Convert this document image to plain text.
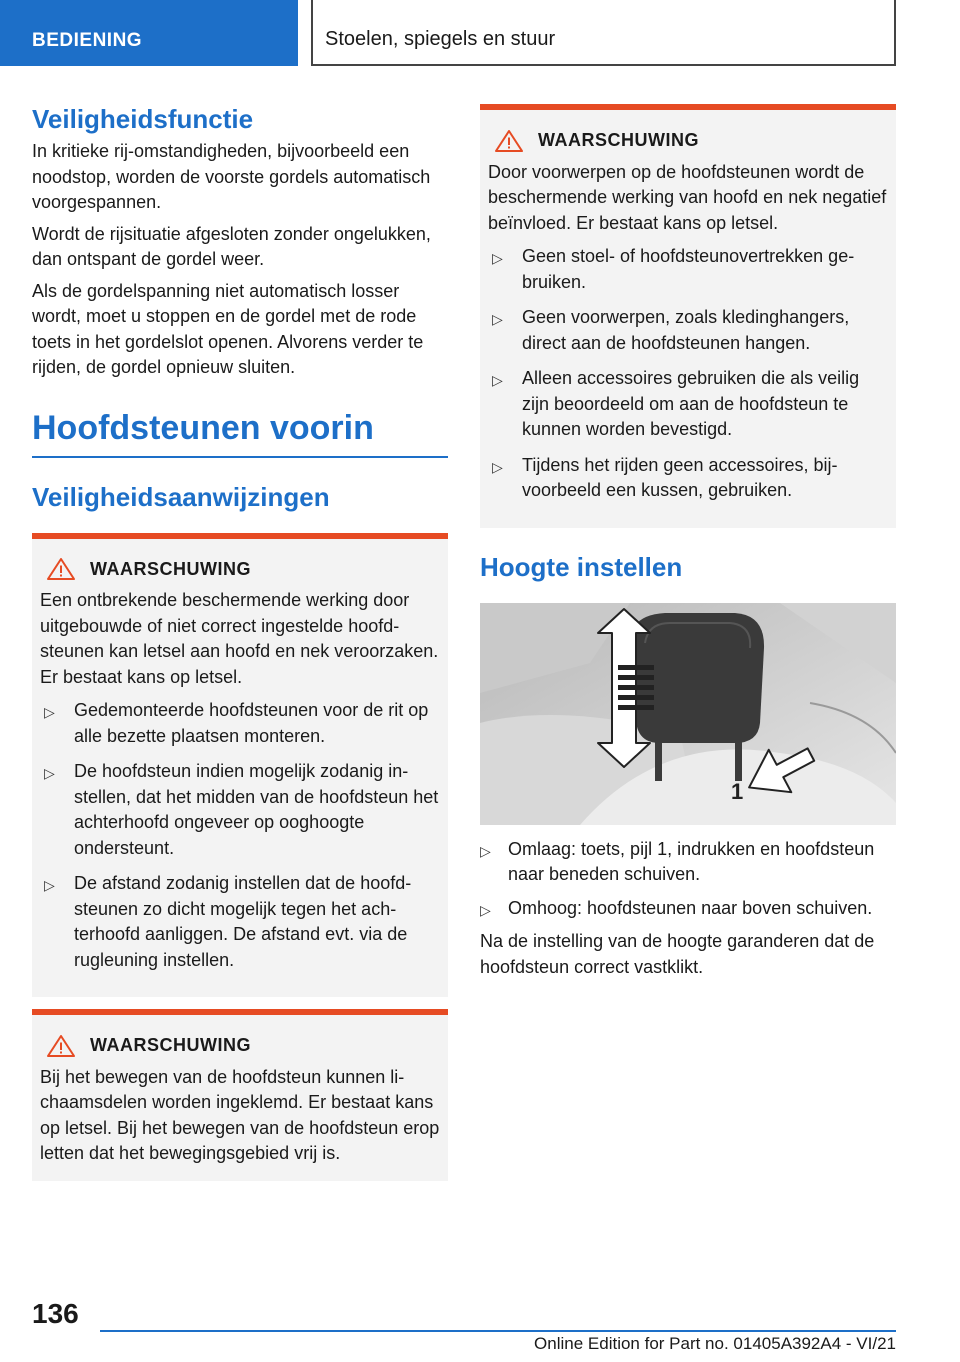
BEDIENING	Stoelen, spiegels en stuur
Veiligheidsfunctie

In kritieke rij-omstandigheden, bijvoorbeeld een noodstop, worden de voorste gordels automatisch voorgespannen.

Wordt de rijsituatie afgesloten zonder ongelukken, dan ontspant de gordel weer.

Als de gordelspanning niet automatisch losser wordt, moet u stoppen en de gordel met de rode toets in het gordelslot openen. Alvorens verder te rijden, de gordel opnieuw sluiten.

Hoofdsteunen voorin
Veiligheidsaanwijzingen
WAARSCHUWING

Een ontbrekende beschermende werking door uitgebouwde of niet correct ingestelde hoofdsteunen kan letsel aan hoofd en nek veroorzaken. Er bestaat kans op letsel.

▷ Gedemonteerde hoofdsteunen voor de rit op alle bezette plaatsen monteren.
▷ De hoofdsteun indien mogelijk zodanig instellen, dat het midden van de hoofdsteun het achterhoofd ongeveer op ooghoogte ondersteunt.
▷ De afstand zodanig instellen dat de hoofdsteunen zo dicht mogelijk tegen het achterhoofd aanliggen. De afstand evt. via de rugleuning instellen.
WAARSCHUWING

Bij het bewegen van de hoofdsteun kunnen lichaamsdelen worden ingeklemd. Er bestaat kans op letsel. Bij het bewegen van de hoofdsteun erop letten dat het bewegingsgebied vrij is.

WAARSCHUWING

Door voorwerpen op de hoofdsteunen wordt de beschermende werking van hoofd en nek negatief beïnvloed. Er bestaat kans op letsel.

▷ Geen stoel- of hoofdsteunovertrekken gebruiken.
▷ Geen voorwerpen, zoals kledinghangers, direct aan de hoofdsteunen hangen.
▷ Alleen accessoires gebruiken die als veilig zijn beoordeeld om aan de hoofdsteun te kunnen worden bevestigd.
▷ Tijdens het rijden geen accessoires, bijvoorbeeld een kussen, gebruiken.
Hoogte instellen
1
▷ Omlaag: toets, pijl 1, indrukken en hoofdsteun naar beneden schuiven.
▷ Omhoog: hoofdsteunen naar boven schuiven.

Na de instelling van de hoogte garanderen dat de hoofdsteun correct vastklikt.

136
Online Edition for Part no. 01405A392A4 - VI/21
